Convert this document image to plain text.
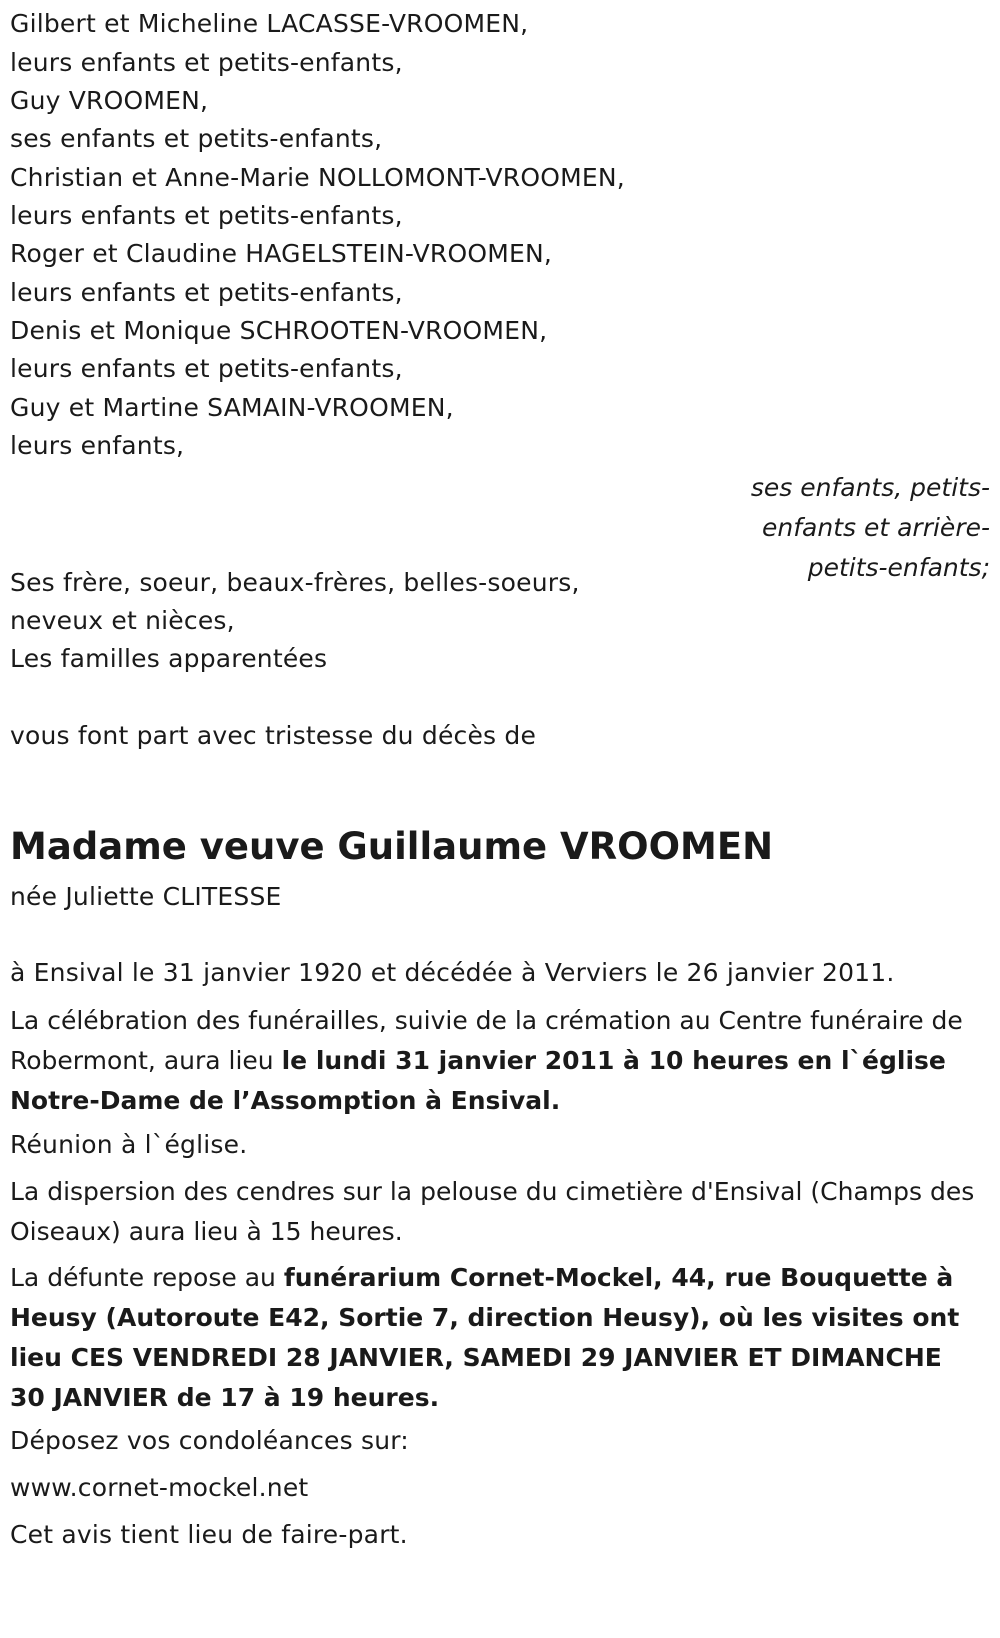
Gilbert et Micheline LACASSE-VROOMEN,
leurs enfants et petits-enfants,
Guy VROOMEN,
ses enfants et petits-enfants,
Christian et Anne-Marie NOLLOMONT-VROOMEN,
leurs enfants et petits-enfants,
Roger et Claudine HAGELSTEIN-VROOMEN,
leurs enfants et petits-enfants,
Denis et Monique SCHROOTEN-VROOMEN,
leurs enfants et petits-enfants,
Guy et Martine SAMAIN-VROOMEN,
leurs enfants,
ses enfants, petits-
enfants et arrière-
petits-enfants;
Ses frère, soeur, beaux-frères, belles-soeurs,
neveux et nièces,
Les familles apparentées
vous font part avec tristesse du décès de
Madame veuve Guillaume VROOMEN
née Juliette CLITESSE
à Ensival le 31 janvier 1920 et décédée à Verviers le 26 janvier 2011.
La célébration des funérailles, suivie de la crémation au Centre funéraire de Robermont, aura lieu le lundi 31 janvier 2011 à 10 heures en l`église Notre-Dame de l’Assomption à Ensival.
Réunion à l`église.
La dispersion des cendres sur la pelouse du cimetière d'Ensival (Champs des Oiseaux) aura lieu à 15 heures.
La défunte repose au funérarium Cornet-Mockel, 44, rue Bouquette à Heusy (Autoroute E42, Sortie 7, direction Heusy), où les visites ont lieu CES VENDREDI 28 JANVIER, SAMEDI 29 JANVIER ET DIMANCHE 30 JANVIER de 17 à 19 heures.
Déposez vos condoléances sur:
www.cornet-mockel.net
Cet avis tient lieu de faire-part.
